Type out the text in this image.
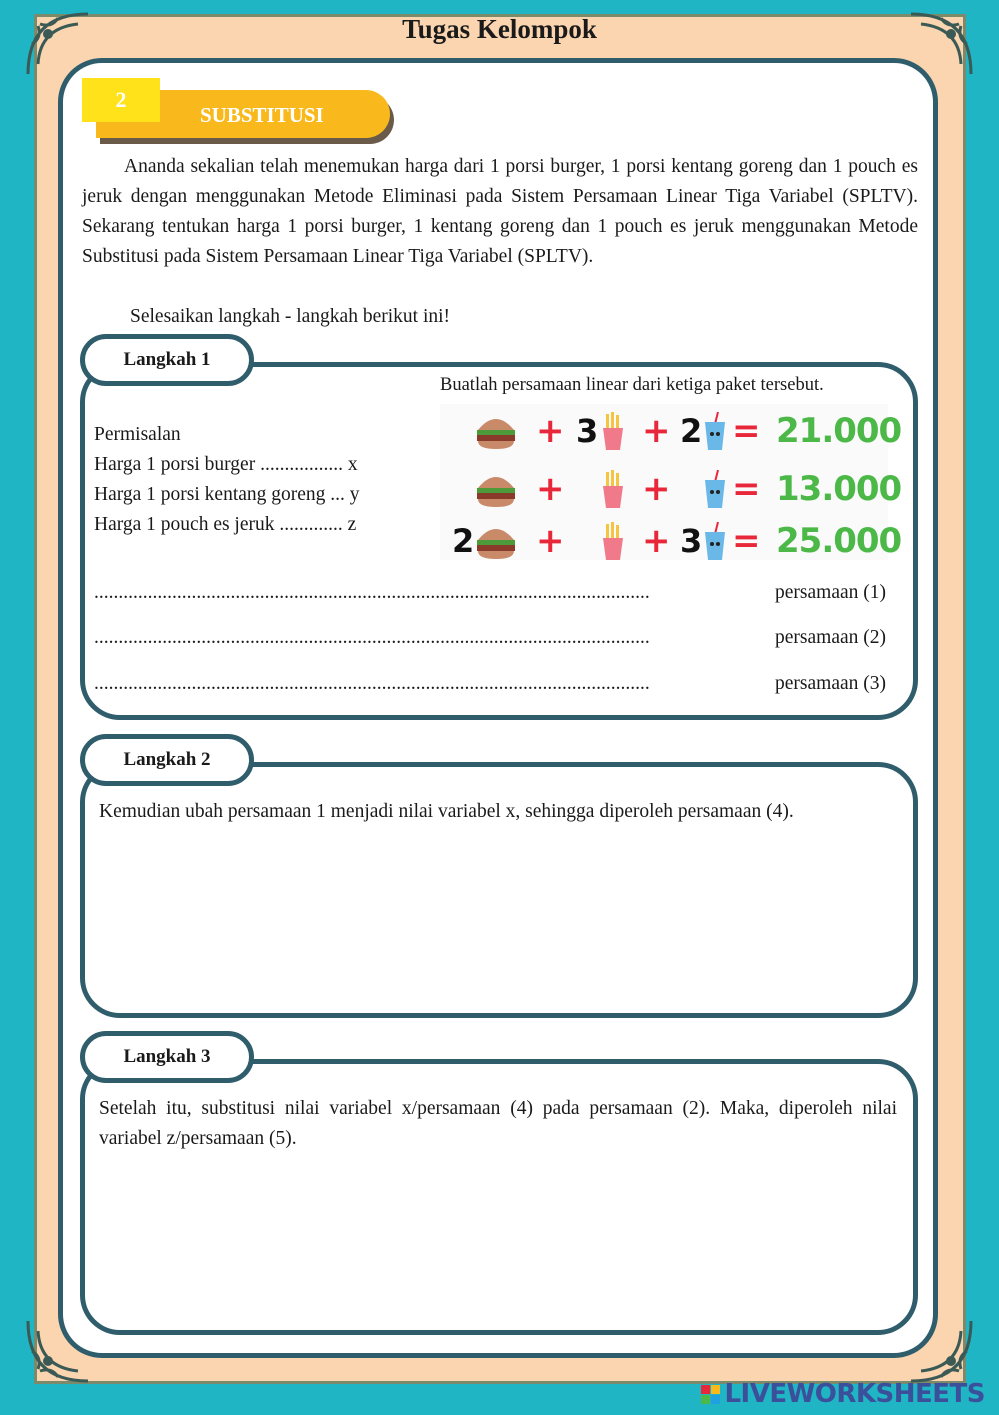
Tugas Kelompok
SUBSTITUSI
2

Ananda sekalian telah menemukan harga dari 1 porsi burger, 1 porsi kentang goreng dan 1 pouch es jeruk dengan menggunakan Metode Eliminasi pada Sistem Persamaan Linear Tiga Variabel (SPLTV). Sekarang tentukan harga 1 porsi burger, 1 kentang goreng dan 1 pouch es jeruk menggunakan Metode Substitusi pada Sistem Persamaan Linear Tiga Variabel (SPLTV).

Selesaikan langkah - langkah berikut ini!
Langkah 1
Buatlah persamaan linear dari ketiga paket tersebut.
Permisalan
Harga 1 porsi burger ................. x
Harga 1 porsi kentang goreng ... y
Harga 1 pouch es jeruk ............. z
+ 3 + 2 = 21.000
+ + = 13.000
2 + + 3 = 25.000
..................................................................................................................	persamaan (1)
..................................................................................................................	persamaan (2)
..................................................................................................................	persamaan (3)
Langkah 2
Kemudian ubah persamaan 1 menjadi nilai variabel x, sehingga diperoleh persamaan (4).
Langkah 3
Setelah itu, substitusi nilai variabel x/persamaan (4) pada persamaan (2). Maka, diperoleh nilai variabel z/persamaan (5).
LIVEWORKSHEETS
